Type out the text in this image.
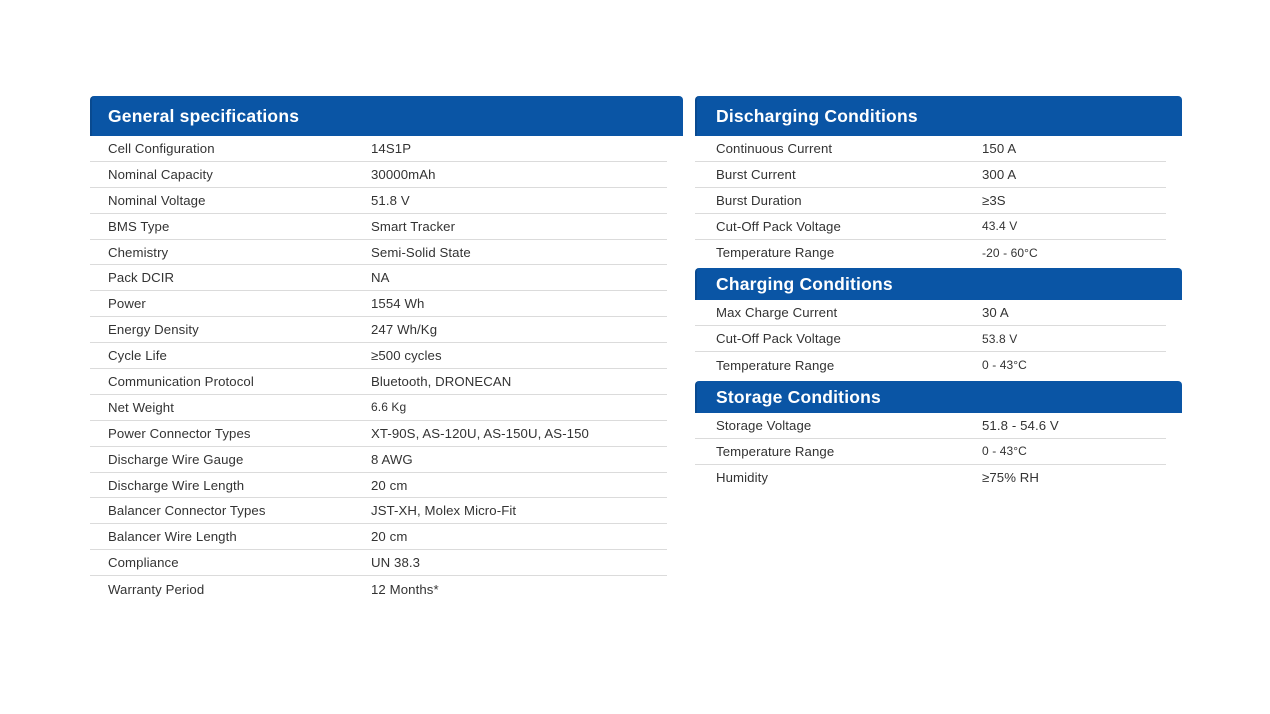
General specifications
Cell Configuration	14S1P
Nominal Capacity	30000mAh
Nominal Voltage	51.8 V
BMS Type	Smart Tracker
Chemistry	Semi-Solid State
Pack DCIR	NA
Power	1554 Wh
Energy Density	247 Wh/Kg
Cycle Life	≥500 cycles
Communication Protocol	Bluetooth, DRONECAN
Net Weight	6.6 Kg
Power Connector Types	XT-90S, AS-120U, AS-150U, AS-150
Discharge Wire Gauge	8 AWG
Discharge Wire Length	20 cm
Balancer Connector Types	JST-XH, Molex Micro-Fit
Balancer Wire Length	20 cm
Compliance	UN 38.3
Warranty Period	12 Months*
Discharging Conditions
Continuous Current	150 A
Burst Current	300 A
Burst Duration	≥3S
Cut-Off Pack Voltage	43.4 V
Temperature Range	-20 - 60°C
Charging Conditions
Max Charge Current	30 A
Cut-Off Pack Voltage	53.8 V
Temperature Range	0 - 43°C
Storage Conditions
Storage Voltage	51.8 - 54.6 V
Temperature Range	0 - 43°C
Humidity	≥75% RH
